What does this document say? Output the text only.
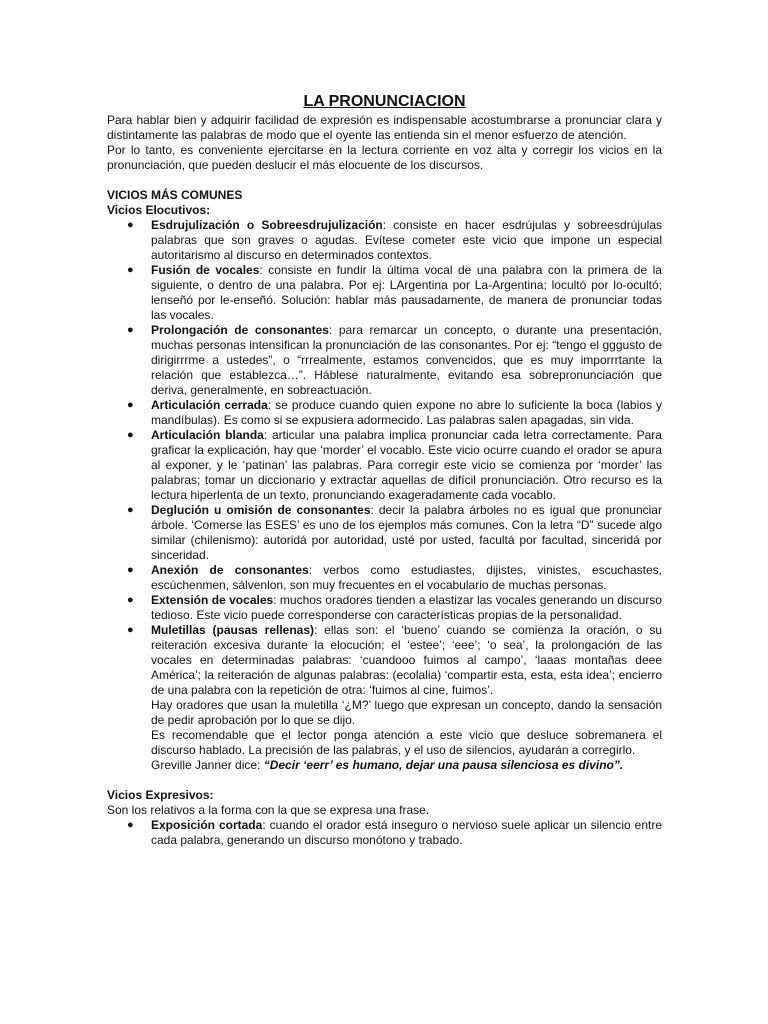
LA PRONUNCIACION

Para hablar bien y adquirir facilidad de expresión es indispensable acostumbrarse a pronunciar clara y distintamente las palabras de modo que el oyente las entienda sin el menor esfuerzo de atención.

Por lo tanto, es conveniente ejercitarse en la lectura corriente en voz alta y corregir los vicios en la pronunciación, que pueden deslucir el más elocuente de los discursos.

VICIOS MÁS COMUNES
Vicios Elocutivos:
● Esdrujulización o Sobreesdrujulización: consiste en hacer esdrújulas y sobreesdrújulas palabras que son graves o agudas. Evítese cometer este vicio que impone un especial autoritarismo al discurso en determinados contextos.
● Fusión de vocales: consiste en fundir la última vocal de una palabra con la primera de la siguiente, o dentro de una palabra. Por ej: LArgentina por La-Argentina; locultó por lo-ocultó; lenseñó por le-enseñó. Solución: hablar más pausadamente, de manera de pronunciar todas las vocales.
● Prolongación de consonantes: para remarcar un concepto, o durante una presentación, muchas personas intensifican la pronunciación de las consonantes. Por ej: “tengo el gggusto de dirigirrrme a ustedes”, o “rrrealmente, estamos convencidos, que es muy imporrrtante la relación que establezca…”. Háblese naturalmente, evitando esa sobrepronunciación que deriva, generalmente, en sobreactuación.
● Articulación cerrada: se produce cuando quien expone no abre lo suficiente la boca (labios y mandíbulas). Es como si se expusiera adormecido. Las palabras salen apagadas, sin vida.
● Articulación blanda: articular una palabra implica pronunciar cada letra correctamente. Para graficar la explicación, hay que ‘morder’ el vocablo. Este vicio ocurre cuando el orador se apura al exponer, y le ‘patinan’ las palabras. Para corregir este vicio se comienza por ‘morder’ las palabras; tomar un diccionario y extractar aquellas de difícil pronunciación. Otro recurso es la lectura hiperlenta de un texto, pronunciando exageradamente cada vocablo.
● Deglución u omisión de consonantes: decir la palabra árboles no es igual que pronunciar árbole. ‘Comerse las ESES’ es uno de los ejemplos más comunes. Con la letra “D” sucede algo similar (chilenismo): autoridá por autoridad, usté por usted, facultá por facultad, sinceridá por sinceridad.
● Anexión de consonantes: verbos como estudiastes, dijistes, vinistes, escuchastes, escúchenmen, sálvenlon, son muy frecuentes en el vocabulario de muchas personas.
● Extensión de vocales: muchos oradores tienden a elastizar las vocales generando un discurso tedioso. Este vicio puede corresponderse con características propias de la personalidad.
● Muletillas (pausas rellenas): ellas son: el ‘bueno’ cuando se comienza la oración, o su reiteración excesiva durante la elocución; el ‘estee’; ‘eee’; ‘o sea’, la prolongación de las vocales en determinadas palabras: ‘cuandooo fuimos al campo’, ‘laaas montañas deee América’; la reiteración de algunas palabras: (ecolalia) ‘compartir esta, esta, esta idea’; encierro de una palabra con la repetición de otra: ‘fuimos al cine, fuimos’.

Hay oradores que usan la muletilla ‘¿M?’ luego que expresan un concepto, dando la sensación de pedir aprobación por lo que se dijo.

Es recomendable que el lector ponga atención a este vicio que desluce sobremanera el discurso hablado. La precisión de las palabras, y el uso de silencios, ayudarán a corregirlo.

Greville Janner dice: “Decir ‘eerr’ es humano, dejar una pausa silenciosa es divino”.

Vicios Expresivos:

Son los relativos a la forma con la que se expresa una frase.

● Exposición cortada: cuando el orador está inseguro o nervioso suele aplicar un silencio entre cada palabra, generando un discurso monótono y trabado.
